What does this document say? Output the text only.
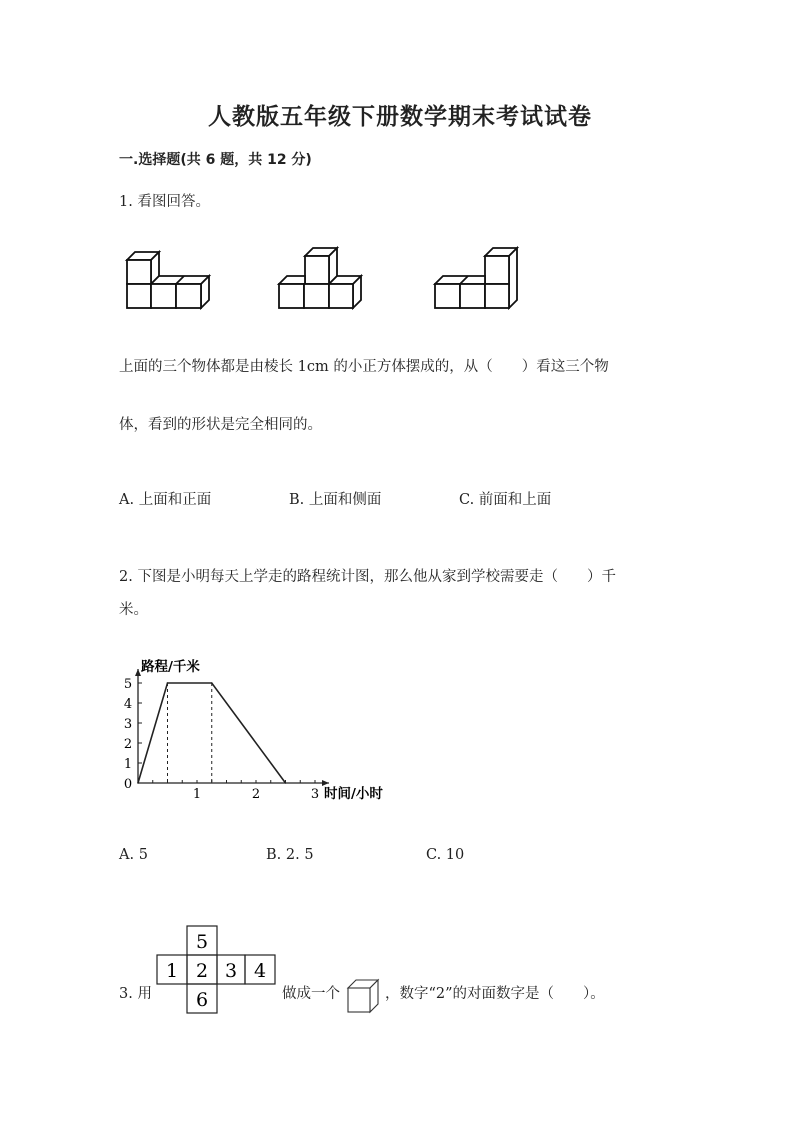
人教版五年级下册数学期末考试试卷
一.选择题(共 6 题，共 12 分)
1. 看图回答。
上面的三个物体都是由棱长 1cm 的小正方体摆成的，从（　　）看这三个物
体，看到的形状是完全相同的。
A. 上面和正面	B. 上面和侧面	C. 前面和上面
2. 下图是小明每天上学走的路程统计图，那么他从家到学校需要走（　　）千
米。
0
1
2
3
4
5
1	2	3
路程/千米
时间/小时
A. 5	B. 2. 5	C. 10
3. 用
5
1 2 3 4
6	做成一个	，数字“2”的对面数字是（　　）。
